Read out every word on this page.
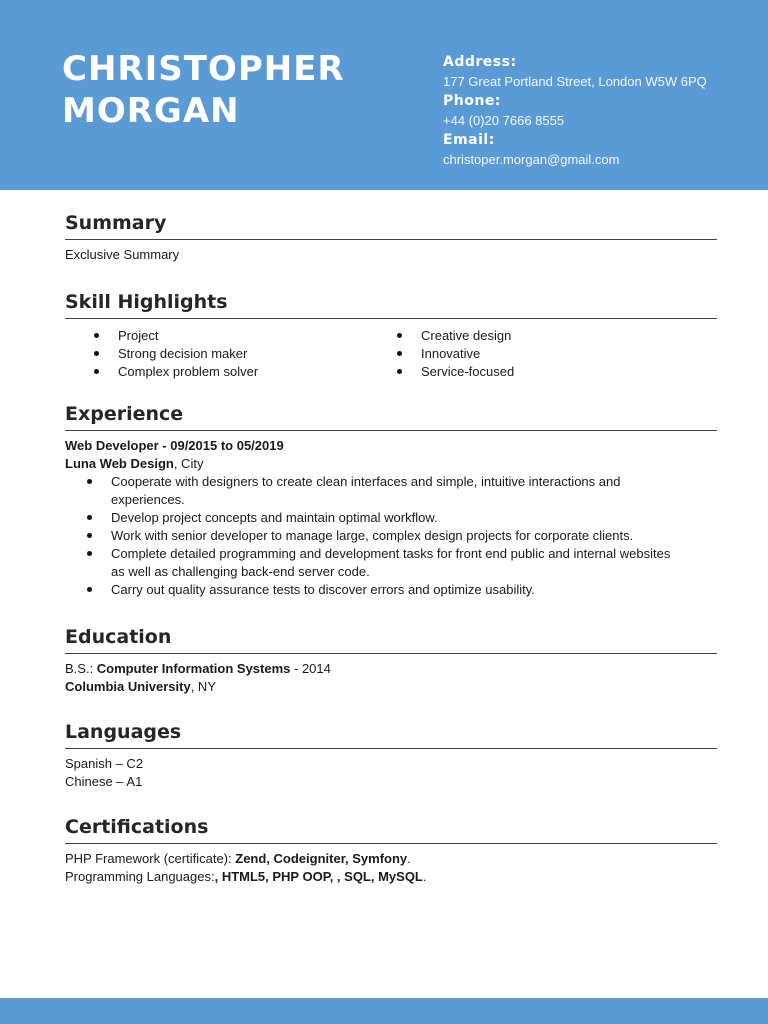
CHRISTOPHER
MORGAN
Address:
177 Great Portland Street, London W5W 6PQ
Phone:
+44 (0)20 7666 8555
Email:
christoper.morgan@gmail.com
Summary
Exclusive Summary
Skill Highlights
Project
Strong decision maker
Complex problem solver
Creative design
Innovative
Service-focused
Experience
Web Developer - 09/2015 to 05/2019
Luna Web Design, City
Cooperate with designers to create clean interfaces and simple, intuitive interactions and experiences.
Develop project concepts and maintain optimal workflow.
Work with senior developer to manage large, complex design projects for corporate clients.
Complete detailed programming and development tasks for front end public and internal websites as well as challenging back-end server code.
Carry out quality assurance tests to discover errors and optimize usability.
Education
B.S.: Computer Information Systems - 2014
Columbia University, NY
Languages
Spanish – C2
Chinese – A1
Certifications
PHP Framework (certificate): Zend, Codeigniter, Symfony.
Programming Languages:, HTML5, PHP OOP, , SQL, MySQL.
